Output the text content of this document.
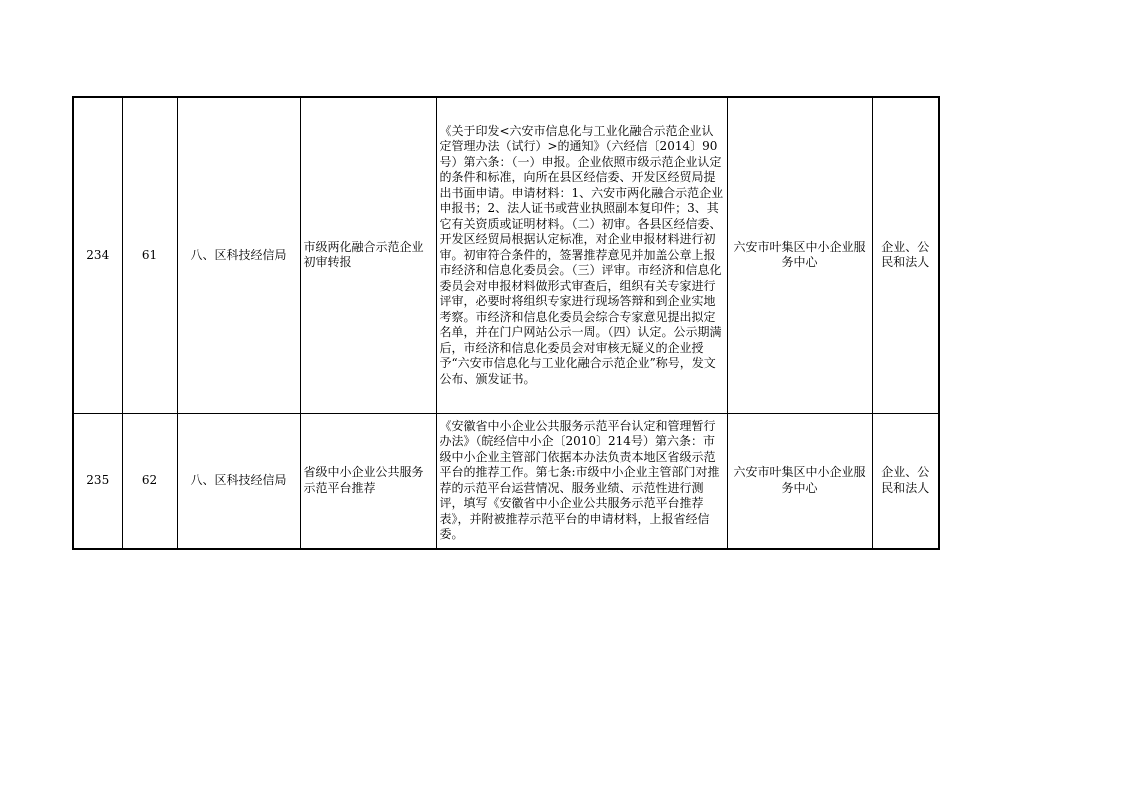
234	61	八、区科技经信局	市级两化融合示范企业初审转报	《关于印发<六安市信息化与工业化融合示范企业认定管理办法（试行）>的通知》（六经信〔2014〕90号）第六条：（一）申报。企业依照市级示范企业认定的条件和标准，向所在县区经信委、开发区经贸局提出书面申请。申请材料：1、六安市两化融合示范企业申报书；2、法人证书或营业执照副本复印件；3、其它有关资质或证明材料。（二）初审。各县区经信委、开发区经贸局根据认定标准，对企业申报材料进行初审。初审符合条件的，签署推荐意见并加盖公章上报市经济和信息化委员会。（三）评审。市经济和信息化委员会对申报材料做形式审查后，组织有关专家进行评审，必要时将组织专家进行现场答辩和到企业实地考察。市经济和信息化委员会综合专家意见提出拟定名单，并在门户网站公示一周。（四）认定。公示期满后，市经济和信息化委员会对审核无疑义的企业授予“六安市信息化与工业化融合示范企业”称号，发文公布、颁发证书。	六安市叶集区中小企业服务中心	企业、公民和法人
235	62	八、区科技经信局	省级中小企业公共服务示范平台推荐	《安徽省中小企业公共服务示范平台认定和管理暂行办法》（皖经信中小企〔2010〕214号）第六条：市级中小企业主管部门依据本办法负责本地区省级示范平台的推荐工作。第七条:市级中小企业主管部门对推荐的示范平台运营情况、服务业绩、示范性进行测评，填写《安徽省中小企业公共服务示范平台推荐表》，并附被推荐示范平台的申请材料，上报省经信委。	六安市叶集区中小企业服务中心	企业、公民和法人
